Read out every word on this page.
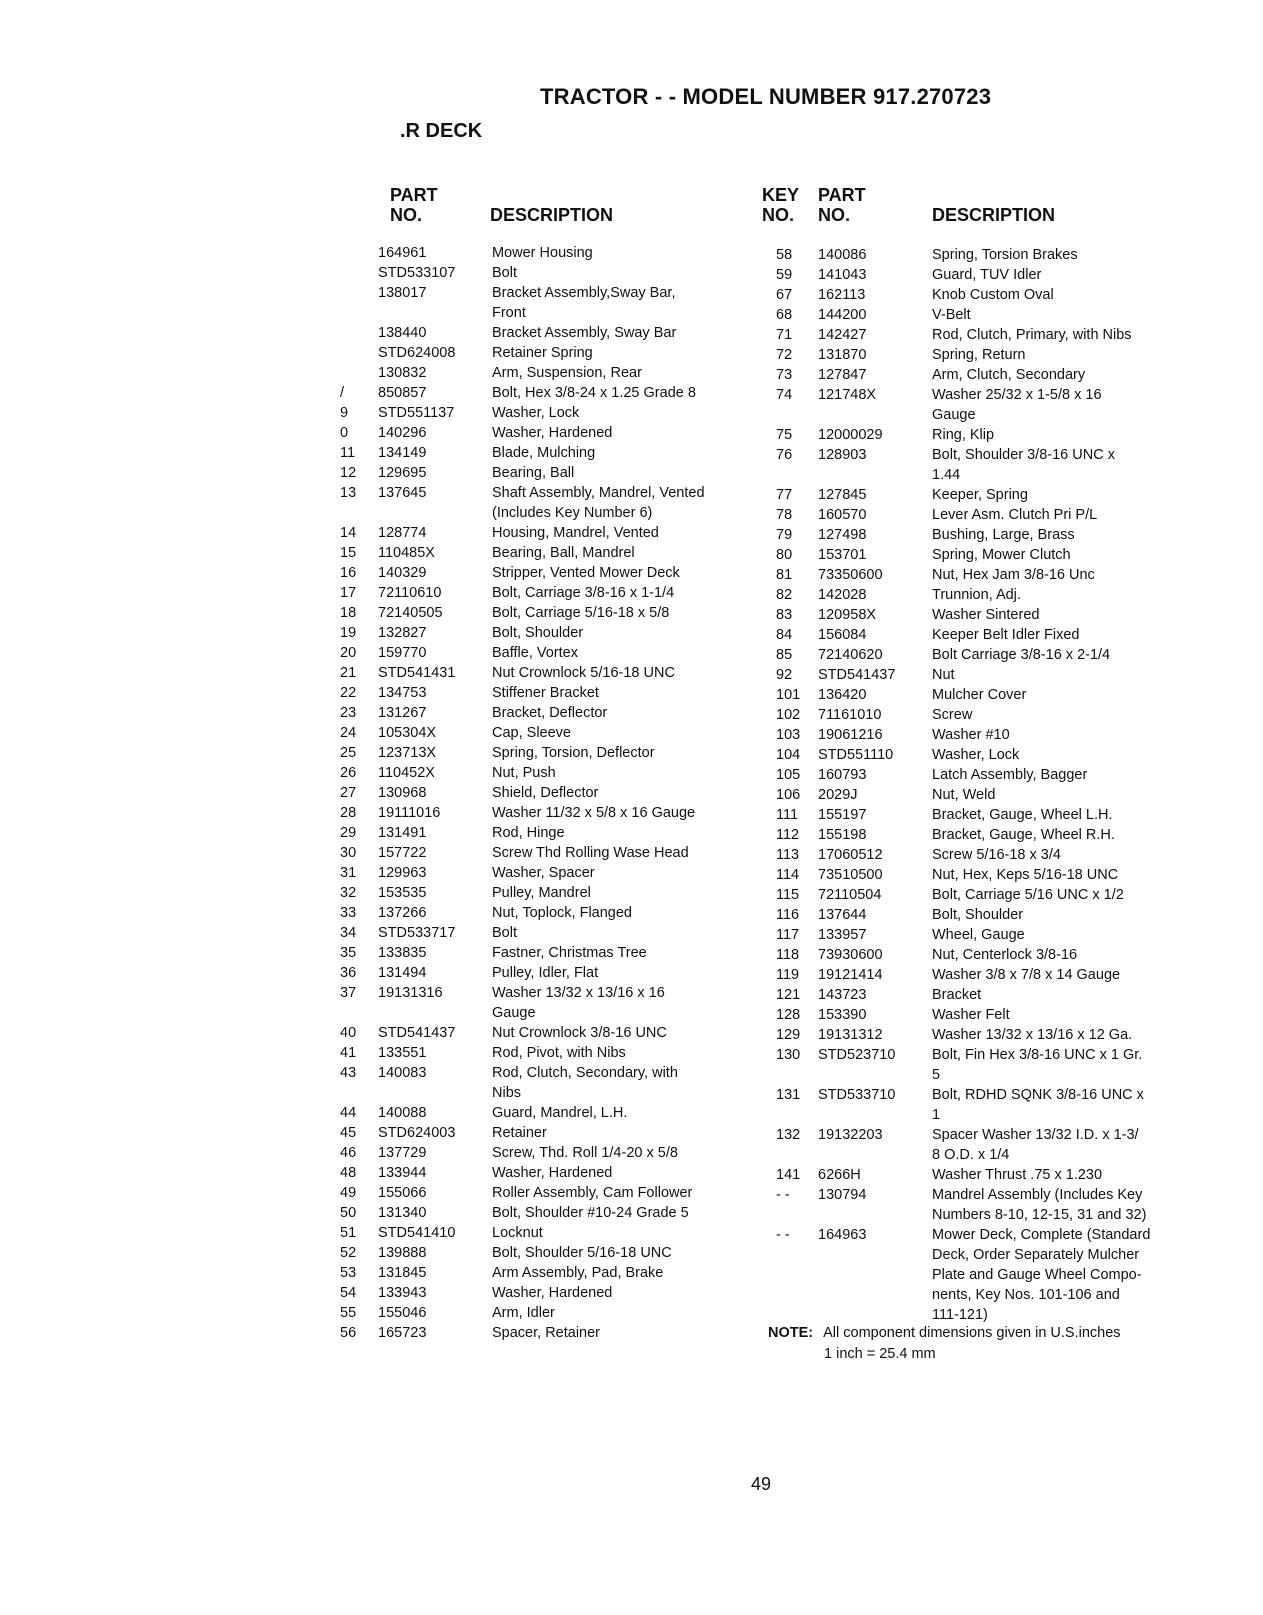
TRACTOR - - MODEL NUMBER 917.270723
.R DECK
PART
NO.	DESCRIPTION
KEY
NO.
PART
NO.	DESCRIPTION
164961	Mower Housing
STD533107	Bolt
138017	Bracket Assembly,Sway Bar,
Front
138440	Bracket Assembly, Sway Bar
STD624008	Retainer Spring
130832	Arm, Suspension, Rear
/ 850857	Bolt, Hex 3/8-24 x 1.25 Grade 8
9 STD551137	Washer, Lock
0 140296	Washer, Hardened
11 134149	Blade, Mulching
12 129695	Bearing, Ball
13 137645	Shaft Assembly, Mandrel, Vented
(Includes Key Number 6)
14 128774	Housing, Mandrel, Vented
15 110485X	Bearing, Ball, Mandrel
16 140329	Stripper, Vented Mower Deck
17 72110610	Bolt, Carriage 3/8-16 x 1-1/4
18 72140505	Bolt, Carriage 5/16-18 x 5/8
19 132827	Bolt, Shoulder
20 159770	Baffle, Vortex
21 STD541431	Nut Crownlock 5/16-18 UNC
22 134753	Stiffener Bracket
23 131267	Bracket, Deflector
24 105304X	Cap, Sleeve
25 123713X	Spring, Torsion, Deflector
26 110452X	Nut, Push
27 130968	Shield, Deflector
28 19111016	Washer 11/32 x 5/8 x 16 Gauge
29 131491	Rod, Hinge
30 157722	Screw Thd Rolling Wase Head
31 129963	Washer, Spacer
32 153535	Pulley, Mandrel
33 137266	Nut, Toplock, Flanged
34 STD533717	Bolt
35 133835	Fastner, Christmas Tree
36 131494	Pulley, Idler, Flat
37 19131316	Washer 13/32 x 13/16 x 16
Gauge
40 STD541437	Nut Crownlock 3/8-16 UNC
41 133551	Rod, Pivot, with Nibs
43 140083	Rod, Clutch, Secondary, with
Nibs
44 140088	Guard, Mandrel, L.H.
45 STD624003	Retainer
46 137729	Screw, Thd. Roll 1/4-20 x 5/8
48 133944	Washer, Hardened
49 155066	Roller Assembly, Cam Follower
50 131340	Bolt, Shoulder #10-24 Grade 5
51 STD541410	Locknut
52 139888	Bolt, Shoulder 5/16-18 UNC
53 131845	Arm Assembly, Pad, Brake
54 133943	Washer, Hardened
55 155046	Arm, Idler
56 165723	Spacer, Retainer
58 140086	Spring, Torsion Brakes
59 141043	Guard, TUV Idler
67 162113	Knob Custom Oval
68 144200	V-Belt
71 142427	Rod, Clutch, Primary, with Nibs
72 131870	Spring, Return
73 127847	Arm, Clutch, Secondary
74 121748X	Washer 25/32 x 1-5/8 x 16
Gauge
75 12000029	Ring, Klip
76 128903	Bolt, Shoulder 3/8-16 UNC x
1.44
77 127845	Keeper, Spring
78 160570	Lever Asm. Clutch Pri P/L
79 127498	Bushing, Large, Brass
80 153701	Spring, Mower Clutch
81 73350600	Nut, Hex Jam 3/8-16 Unc
82 142028	Trunnion, Adj.
83 120958X	Washer Sintered
84 156084	Keeper Belt Idler Fixed
85 72140620	Bolt Carriage 3/8-16 x 2-1/4
92 STD541437	Nut
101 136420	Mulcher Cover
102 71161010	Screw
103 19061216	Washer #10
104 STD551110	Washer, Lock
105 160793	Latch Assembly, Bagger
106 2029J	Nut, Weld
111 155197	Bracket, Gauge, Wheel L.H.
112 155198	Bracket, Gauge, Wheel R.H.
113 17060512	Screw 5/16-18 x 3/4
114 73510500	Nut, Hex, Keps 5/16-18 UNC
115 72110504	Bolt, Carriage 5/16 UNC x 1/2
116 137644	Bolt, Shoulder
117 133957	Wheel, Gauge
118 73930600	Nut, Centerlock 3/8-16
119 19121414	Washer 3/8 x 7/8 x 14 Gauge
121 143723	Bracket
128 153390	Washer Felt
129 19131312	Washer 13/32 x 13/16 x 12 Ga.
130 STD523710	Bolt, Fin Hex 3/8-16 UNC x 1 Gr.
5
131 STD533710	Bolt, RDHD SQNK 3/8-16 UNC x
1
132 19132203	Spacer Washer 13/32 I.D. x 1-3/
8 O.D. x 1/4
141 6266H	Washer Thrust .75 x 1.230
- - 130794	Mandrel Assembly (Includes Key
Numbers 8-10, 12-15, 31 and 32)
- - 164963	Mower Deck, Complete (Standard
Deck, Order Separately Mulcher
Plate and Gauge Wheel Compo-
nents, Key Nos. 101-106 and
111-121)
NOTE: All component dimensions given in U.S.inches
1 inch = 25.4 mm
49
